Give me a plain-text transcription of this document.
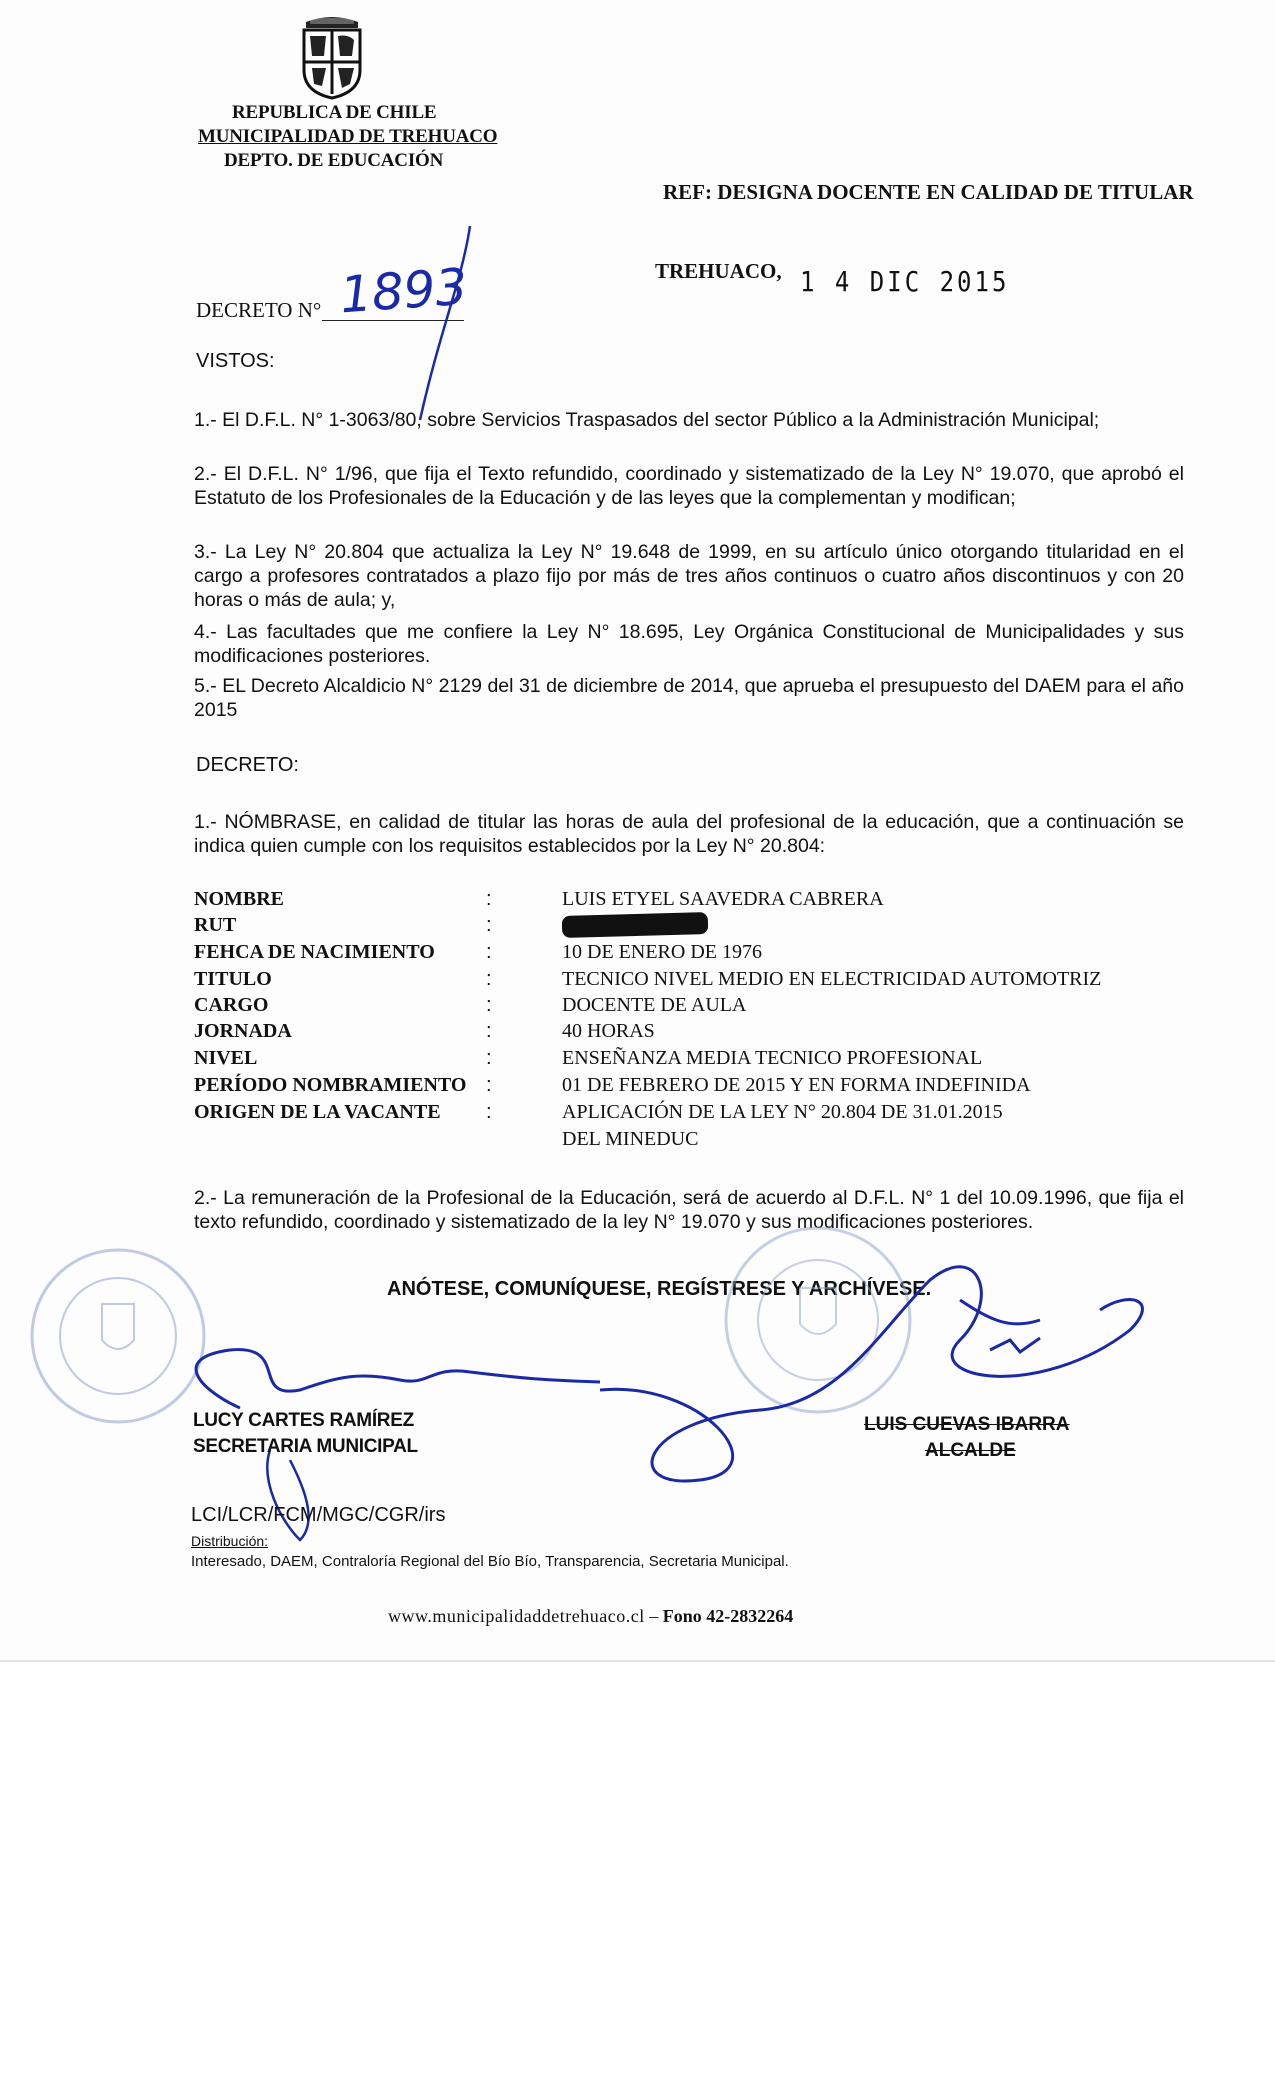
REPUBLICA DE CHILE
MUNICIPALIDAD DE TREHUACO
DEPTO. DE EDUCACIÓN
REF: DESIGNA DOCENTE EN CALIDAD DE TITULAR
TREHUACO, 1 4 DIC 2015
DECRETO N° 1893
VISTOS:
1.- El D.F.L. N° 1-3063/80, sobre Servicios Traspasados del sector Público a la Administración Municipal;
2.- El D.F.L. N° 1/96, que fija el Texto refundido, coordinado y sistematizado de la Ley N° 19.070, que aprobó el Estatuto de los Profesionales de la Educación y de las leyes que la complementan y modifican;
3.- La Ley N° 20.804 que actualiza la Ley N° 19.648 de 1999, en su artículo único otorgando titularidad en el cargo a profesores contratados a plazo fijo por más de tres años continuos o cuatro años discontinuos y con 20 horas o más de aula; y,
4.- Las facultades que me confiere la Ley N° 18.695, Ley Orgánica Constitucional de Municipalidades y sus modificaciones posteriores.
5.- EL Decreto Alcaldicio N° 2129 del 31 de diciembre de 2014, que aprueba el presupuesto del DAEM para el año 2015
DECRETO:
1.- NÓMBRASE, en calidad de titular las horas de aula del profesional de la educación, que a continuación se indica quien cumple con los requisitos establecidos por la Ley N° 20.804:
NOMBRE	:	LUIS ETYEL SAAVEDRA CABRERA
RUT	:
FEHCA DE NACIMIENTO	:	10 DE ENERO DE 1976
TITULO	:	TECNICO NIVEL MEDIO EN ELECTRICIDAD AUTOMOTRIZ
CARGO	:	DOCENTE DE AULA
JORNADA	:	40 HORAS
NIVEL	:	ENSEÑANZA MEDIA TECNICO PROFESIONAL
PERÍODO NOMBRAMIENTO :	01 DE FEBRERO DE 2015 Y EN FORMA INDEFINIDA
ORIGEN DE LA VACANTE :	APLICACIÓN DE LA LEY N° 20.804 DE 31.01.2015
DEL MINEDUC
2.- La remuneración de la Profesional de la Educación, será de acuerdo al D.F.L. N° 1 del 10.09.1996, que fija el texto refundido, coordinado y sistematizado de la ley N° 19.070 y sus modificaciones posteriores.
ANÓTESE, COMUNÍQUESE, REGÍSTRESE Y ARCHÍVESE.
LUCY CARTES RAMÍREZ
SECRETARIA MUNICIPAL
LUIS CUEVAS IBARRA
ALCALDE
LCI/LCR/FCM/MGC/CGR/irs
Distribución:
Interesado, DAEM, Contraloría Regional del Bío Bío, Transparencia, Secretaria Municipal.
www.municipalidaddetrehuaco.cl – Fono 42-2832264
